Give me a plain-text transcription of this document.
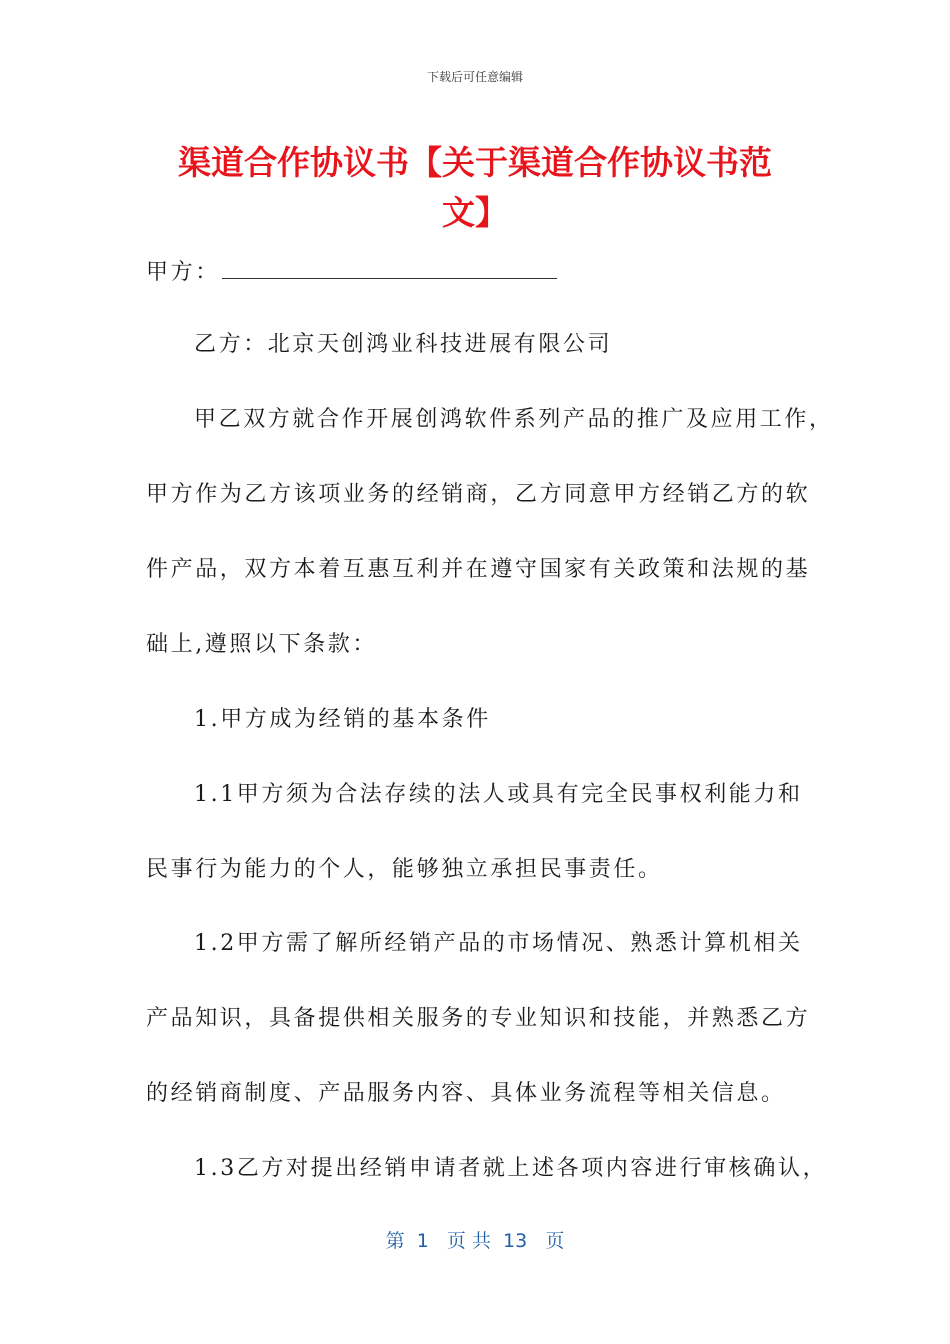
下载后可任意编辑
渠道合作协议书【关于渠道合作协议书范
文】
甲方：
乙方：北京天创鸿业科技进展有限公司
甲乙双方就合作开展创鸿软件系列产品的推广及应用工作，
甲方作为乙方该项业务的经销商，乙方同意甲方经销乙方的软
件产品，双方本着互惠互利并在遵守国家有关政策和法规的基
础上,遵照以下条款：
1.甲方成为经销的基本条件
1.1甲方须为合法存续的法人或具有完全民事权利能力和
民事行为能力的个人，能够独立承担民事责任。
1.2甲方需了解所经销产品的市场情况、熟悉计算机相关
产品知识，具备提供相关服务的专业知识和技能，并熟悉乙方
的经销商制度、产品服务内容、具体业务流程等相关信息。
1.3乙方对提出经销申请者就上述各项内容进行审核确认，
第  1   页 共  13   页
